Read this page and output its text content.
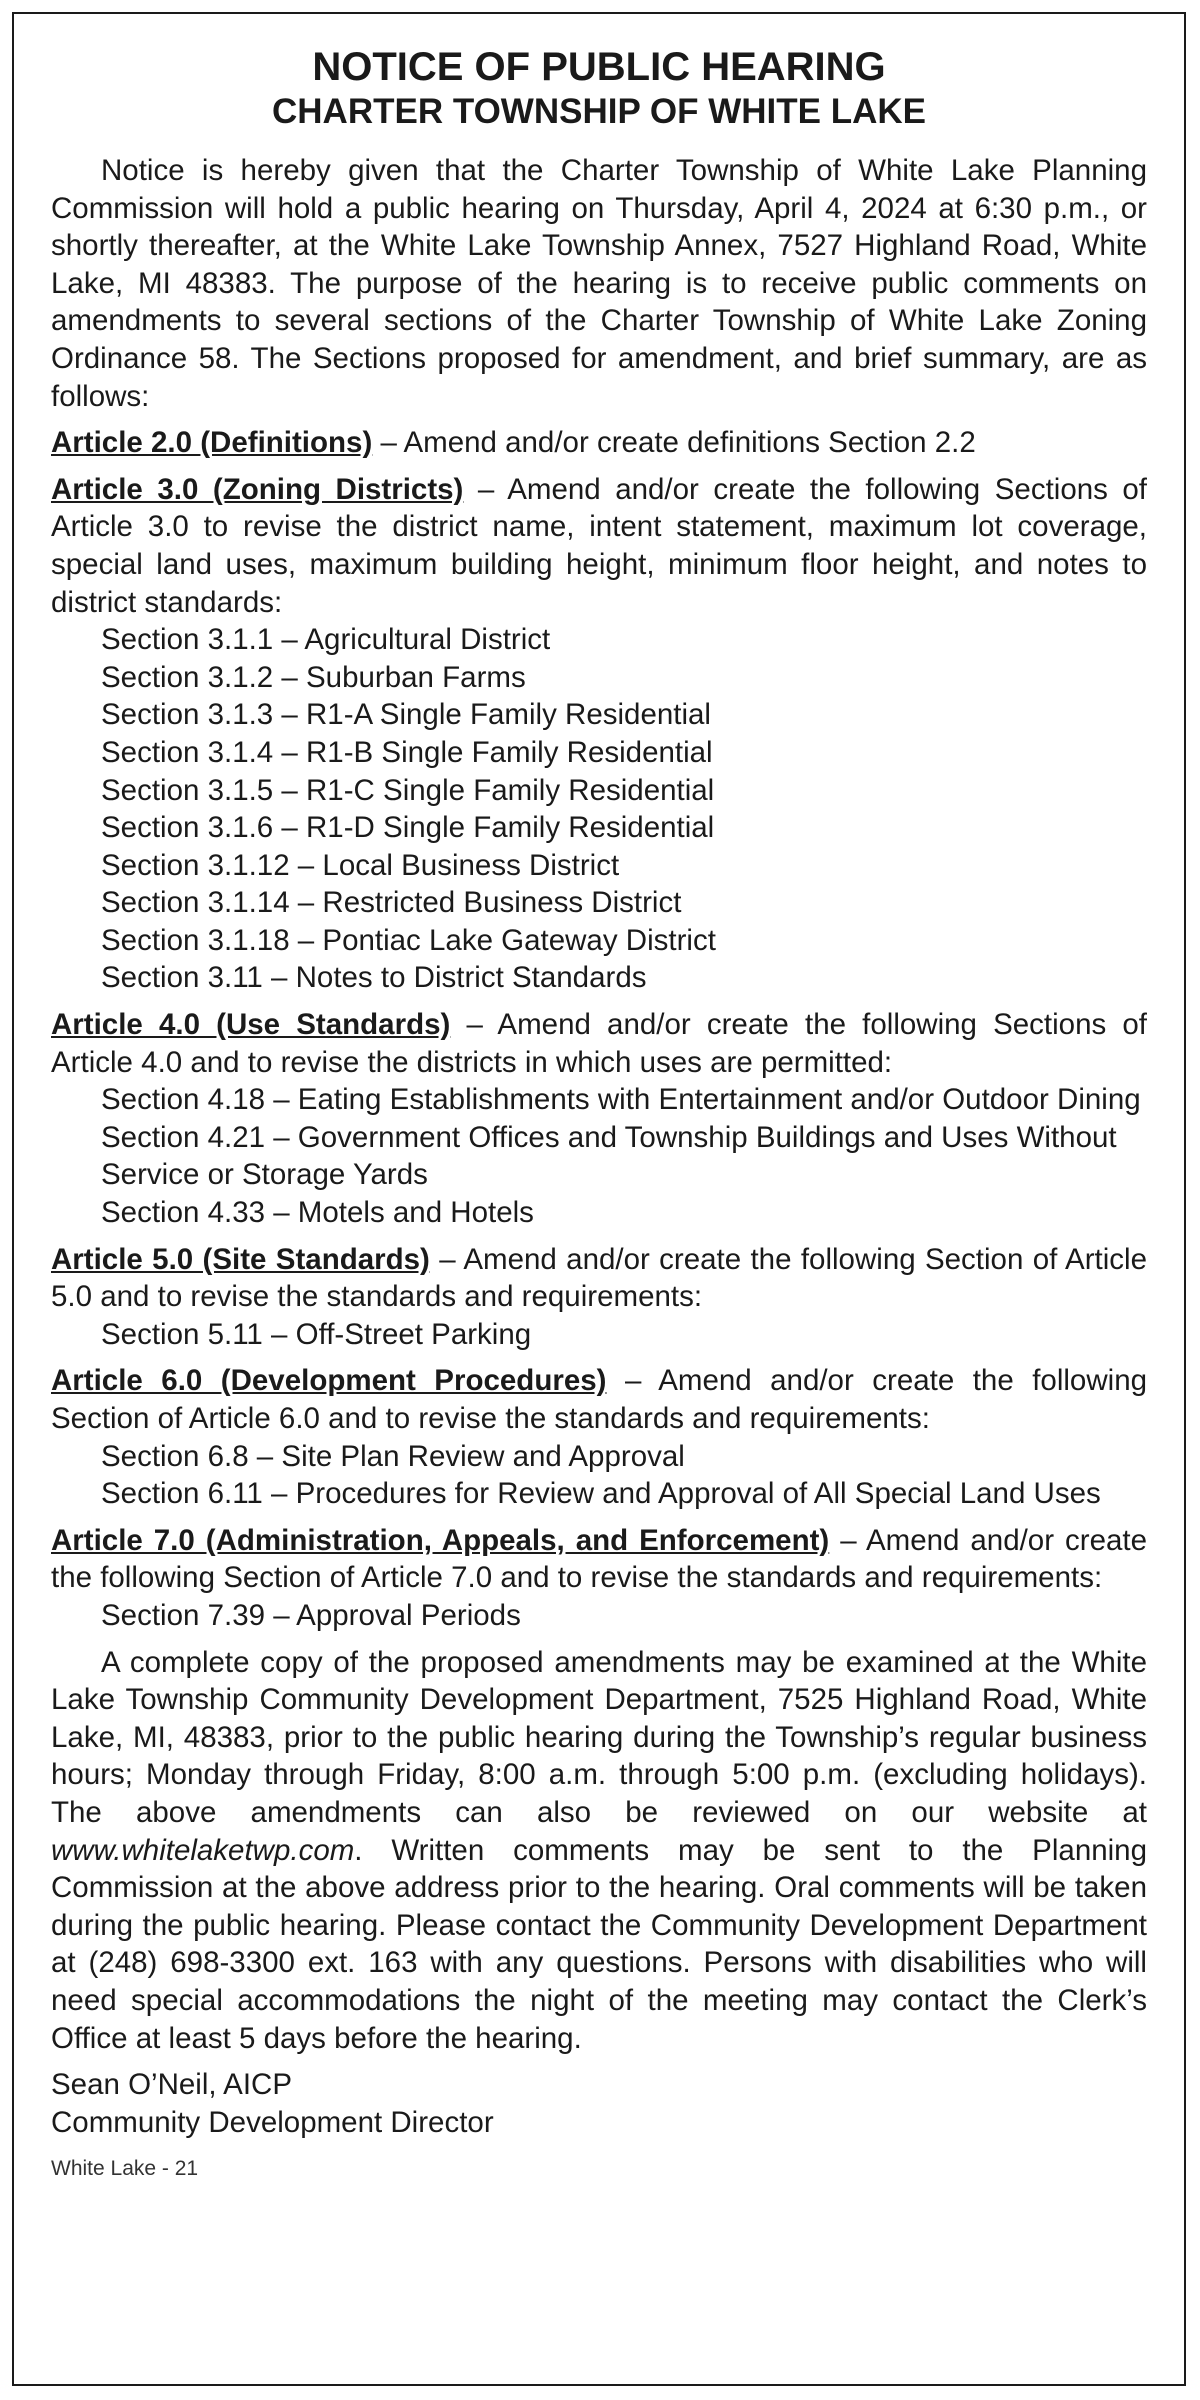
NOTICE OF PUBLIC HEARING
CHARTER TOWNSHIP OF WHITE LAKE

Notice is hereby given that the Charter Township of White Lake Planning Commission will hold a public hearing on Thursday, April 4, 2024 at 6:30 p.m., or shortly thereafter, at the White Lake Township Annex, 7527 Highland Road, White Lake, MI 48383. The purpose of the hearing is to receive public comments on amendments to several sections of the Charter Township of White Lake Zoning Ordinance 58. The Sections proposed for amendment, and brief summary, are as follows:

Article 2.0 (Definitions) – Amend and/or create definitions Section 2.2

Article 3.0 (Zoning Districts) – Amend and/or create the following Sections of Article 3.0 to revise the district name, intent statement, maximum lot coverage, special land uses, maximum building height, minimum floor height, and notes to district standards:

Section 3.1.1 – Agricultural District
Section 3.1.2 – Suburban Farms
Section 3.1.3 – R1-A Single Family Residential
Section 3.1.4 – R1-B Single Family Residential
Section 3.1.5 – R1-C Single Family Residential
Section 3.1.6 – R1-D Single Family Residential
Section 3.1.12 – Local Business District
Section 3.1.14 – Restricted Business District
Section 3.1.18 – Pontiac Lake Gateway District
Section 3.11 – Notes to District Standards

Article 4.0 (Use Standards) – Amend and/or create the following Sections of Article 4.0 and to revise the districts in which uses are permitted:

Section 4.18 – Eating Establishments with Entertainment and/or Outdoor Dining
Section 4.21 – Government Offices and Township Buildings and Uses Without Service or Storage Yards
Section 4.33 – Motels and Hotels

Article 5.0 (Site Standards) – Amend and/or create the following Section of Article 5.0 and to revise the standards and requirements:

Section 5.11 – Off-Street Parking

Article 6.0 (Development Procedures) – Amend and/or create the following Section of Article 6.0 and to revise the standards and requirements:

Section 6.8 – Site Plan Review and Approval
Section 6.11 – Procedures for Review and Approval of All Special Land Uses

Article 7.0 (Administration, Appeals, and Enforcement) – Amend and/or create the following Section of Article 7.0 and to revise the standards and requirements:

Section 7.39 – Approval Periods

A complete copy of the proposed amendments may be examined at the White Lake Township Community Development Department, 7525 Highland Road, White Lake, MI, 48383, prior to the public hearing during the Township’s regular business hours; Monday through Friday, 8:00 a.m. through 5:00 p.m. (excluding holidays). The above amendments can also be reviewed on our website at www.whitelaketwp.com. Written comments may be sent to the Planning Commission at the above address prior to the hearing. Oral comments will be taken during the public hearing. Please contact the Community Development Department at (248) 698-3300 ext. 163 with any questions. Persons with disabilities who will need special accommodations the night of the meeting may contact the Clerk’s Office at least 5 days before the hearing.

Sean O’Neil, AICP
Community Development Director
White Lake - 21
